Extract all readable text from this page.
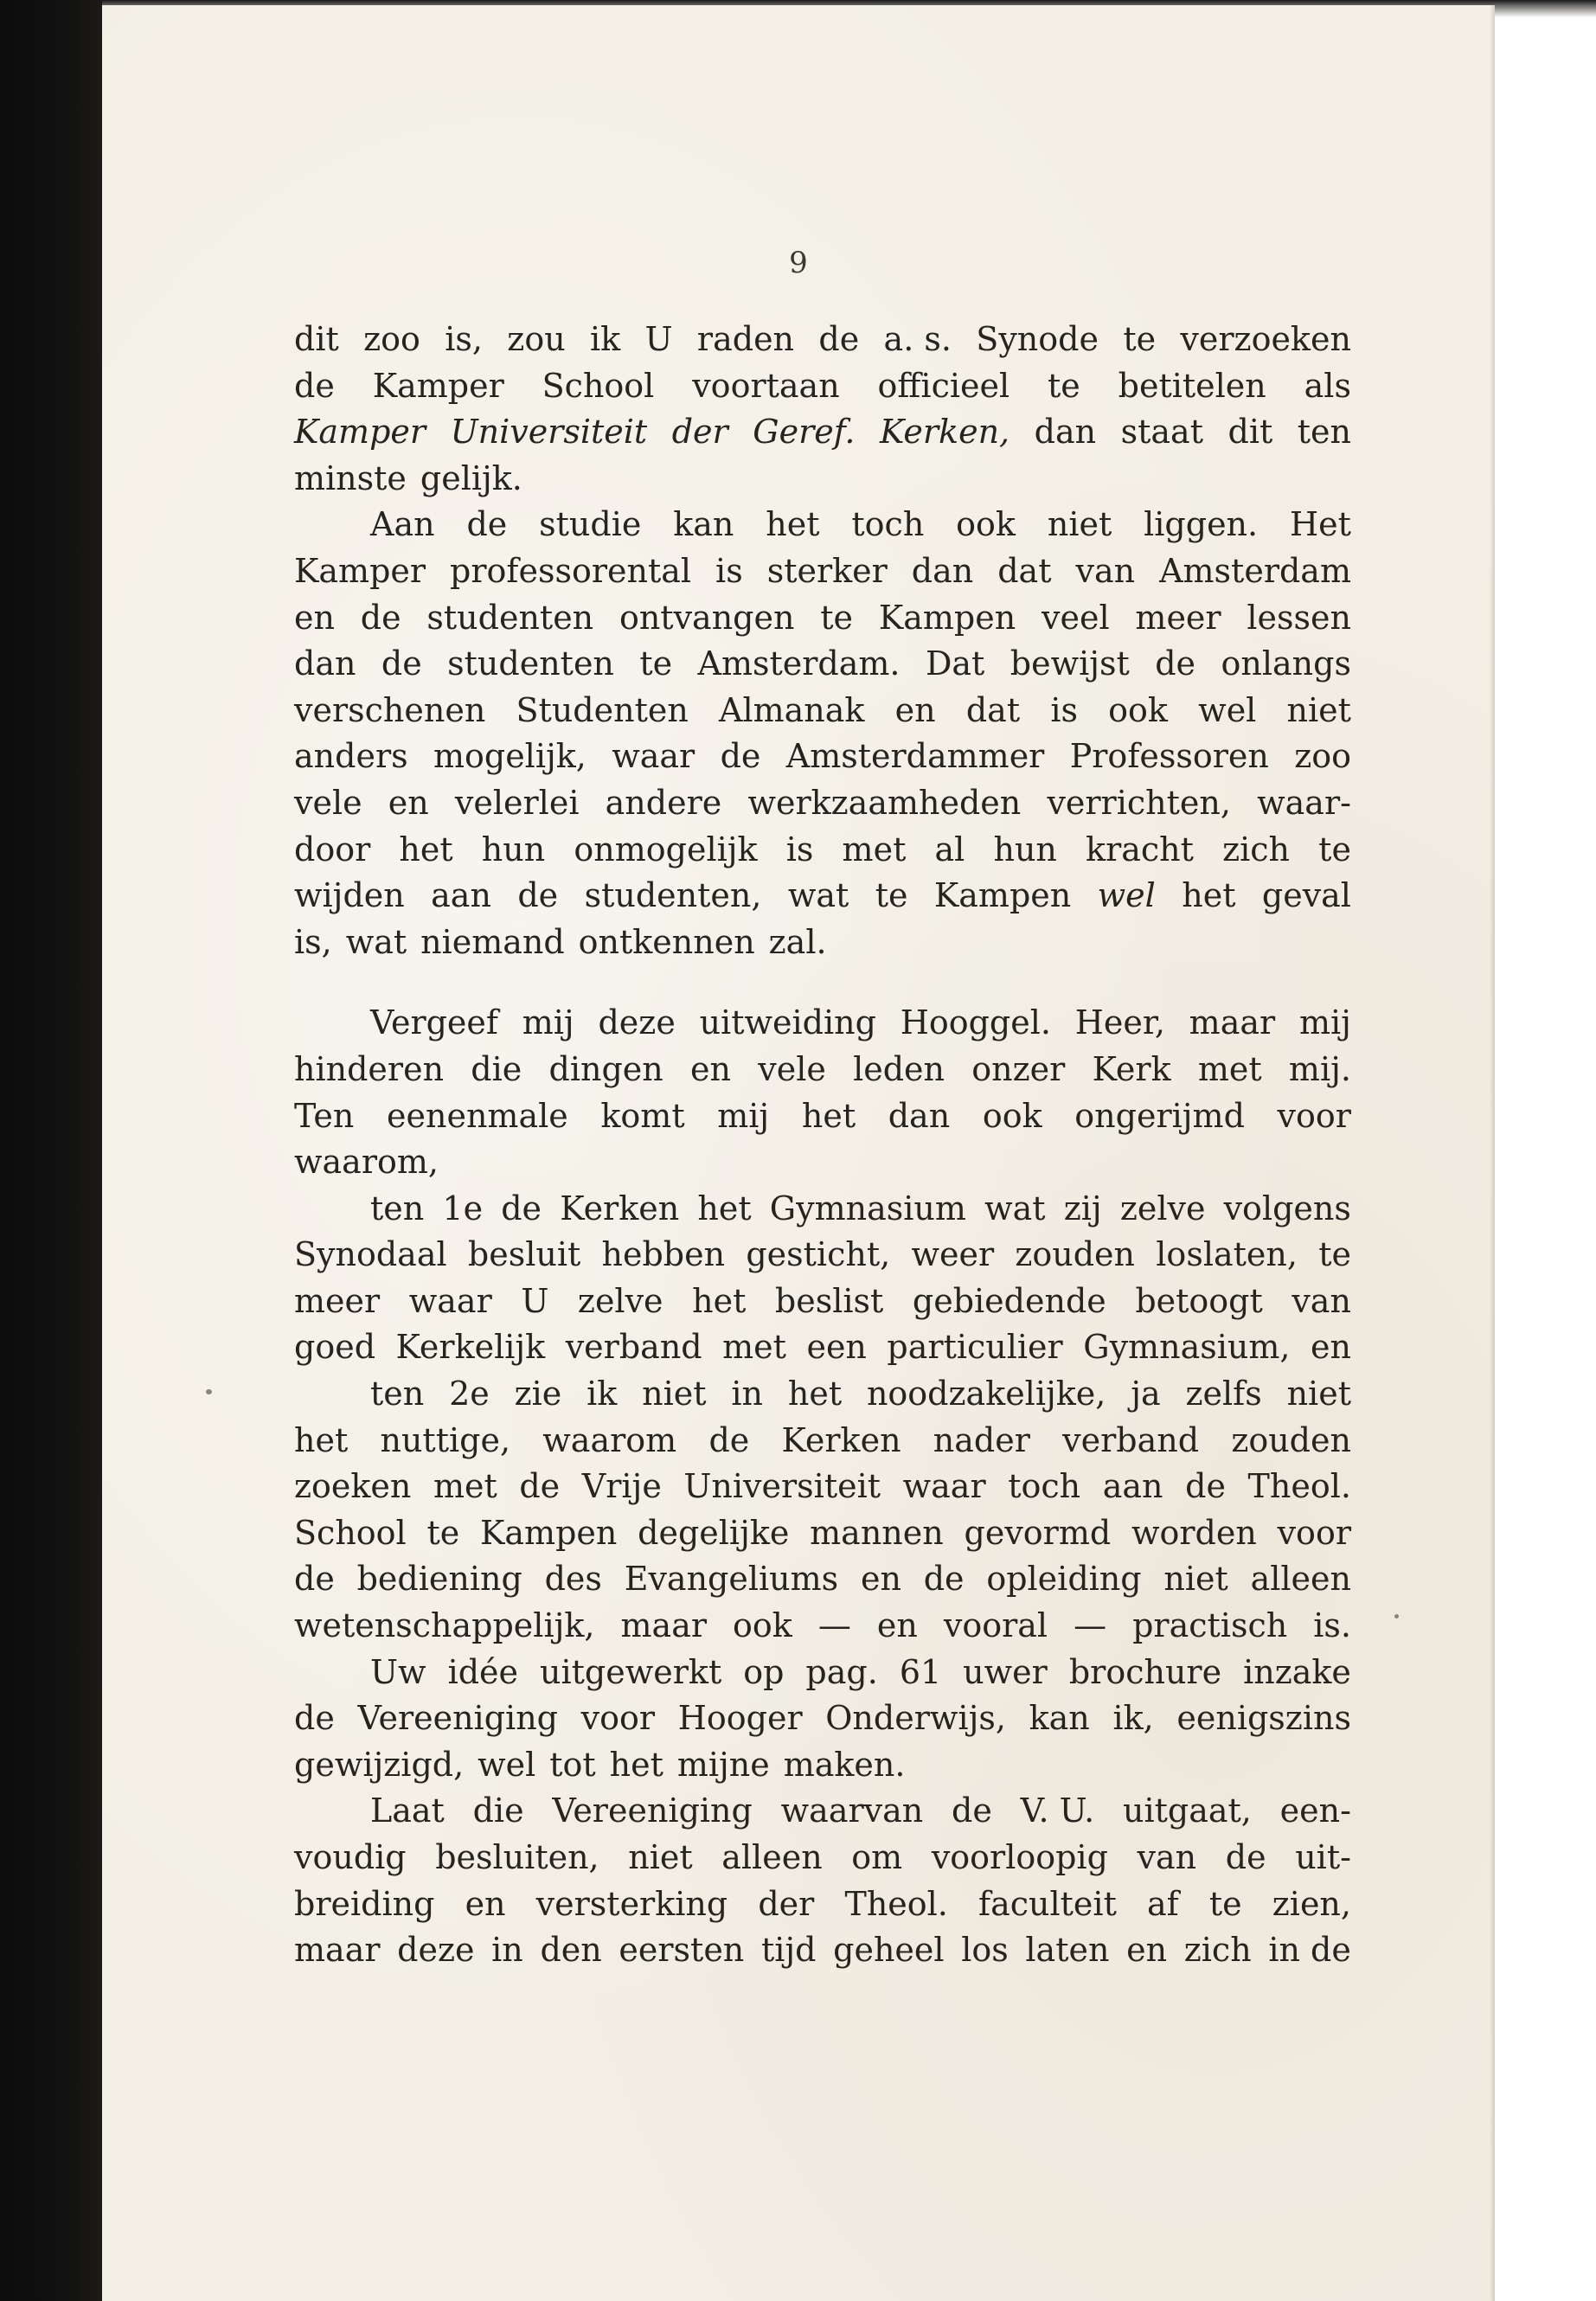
9
dit zoo is, zou ik U raden de a. s. Synode te verzoeken
de Kamper School voortaan officieel te betitelen als
Kamper Universiteit der Geref. Kerken, dan staat dit ten
minste gelijk.
Aan de studie kan het toch ook niet liggen. Het
Kamper professorental is sterker dan dat van Amsterdam
en de studenten ontvangen te Kampen veel meer lessen
dan de studenten te Amsterdam. Dat bewijst de onlangs
verschenen Studenten Almanak en dat is ook wel niet
anders mogelijk, waar de Amsterdammer Professoren zoo
vele en velerlei andere werkzaamheden verrichten, waar-
door het hun onmogelijk is met al hun kracht zich te
wijden aan de studenten, wat te Kampen wel het geval
is, wat niemand ontkennen zal.
Vergeef mij deze uitweiding Hooggel. Heer, maar mij
hinderen die dingen en vele leden onzer Kerk met mij.
Ten eenenmale komt mij het dan ook ongerijmd voor
waarom,
ten 1e de Kerken het Gymnasium wat zij zelve volgens
Synodaal besluit hebben gesticht, weer zouden loslaten, te
meer waar U zelve het beslist gebiedende betoogt van
goed Kerkelijk verband met een particulier Gymnasium, en
ten 2e zie ik niet in het noodzakelijke, ja zelfs niet
het nuttige, waarom de Kerken nader verband zouden
zoeken met de Vrije Universiteit waar toch aan de Theol.
School te Kampen degelijke mannen gevormd worden voor
de bediening des Evangeliums en de opleiding niet alleen
wetenschappelijk, maar ook — en vooral — practisch is.
Uw idée uitgewerkt op pag. 61 uwer brochure inzake
de Vereeniging voor Hooger Onderwijs, kan ik, eenigszins
gewijzigd, wel tot het mijne maken.
Laat die Vereeniging waarvan de V. U. uitgaat, een-
voudig besluiten, niet alleen om voorloopig van de uit-
breiding en versterking der Theol. faculteit af te zien,
maar deze in den eersten tijd geheel los laten en zich in de
